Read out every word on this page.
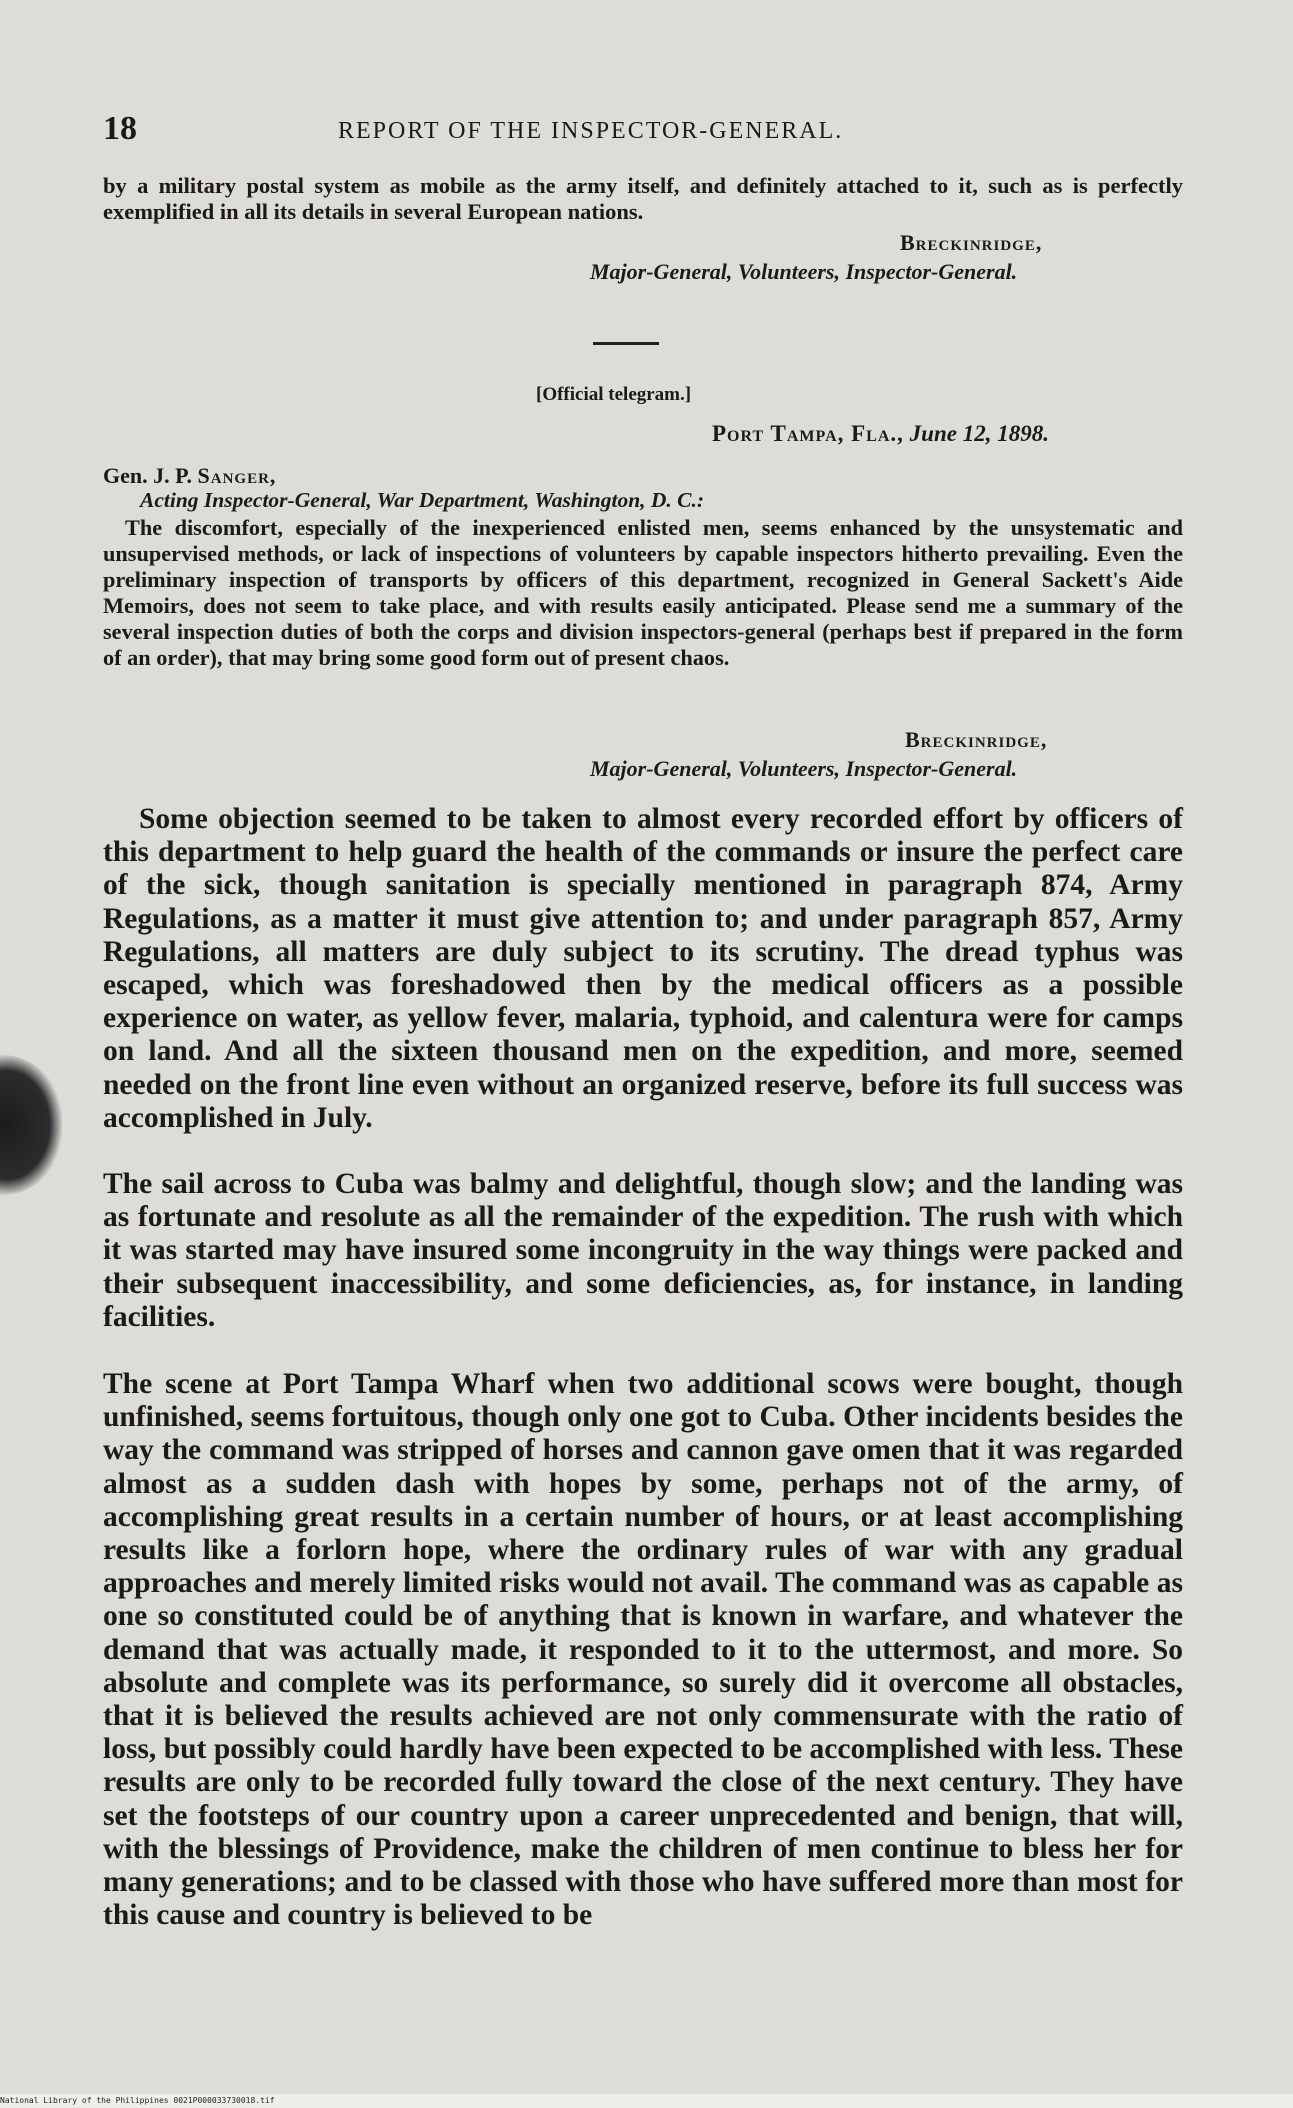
18	REPORT OF THE INSPECTOR-GENERAL.
by a military postal system as mobile as the army itself, and definitely attached to it, such as is perfectly exemplified in all its details in several European nations.
Breckinridge,
Major-General, Volunteers, Inspector-General.
[Official telegram.]
Port Tampa, Fla., June 12, 1898.
Gen. J. P. Sanger,
Acting Inspector-General, War Department, Washington, D. C.:
The discomfort, especially of the inexperienced enlisted men, seems enhanced by the unsystematic and unsupervised methods, or lack of inspections of volunteers by capable inspectors hitherto prevailing. Even the preliminary inspection of transports by officers of this department, recognized in General Sackett's Aide Memoirs, does not seem to take place, and with results easily anticipated. Please send me a summary of the several inspection duties of both the corps and division inspectors-general (perhaps best if prepared in the form of an order), that may bring some good form out of present chaos.
Breckinridge,
Major-General, Volunteers, Inspector-General.
Some objection seemed to be taken to almost every recorded effort by officers of this department to help guard the health of the commands or insure the perfect care of the sick, though sanitation is specially mentioned in paragraph 874, Army Regulations, as a matter it must give attention to; and under paragraph 857, Army Regulations, all matters are duly subject to its scrutiny. The dread typhus was escaped, which was foreshadowed then by the medical officers as a possible experience on water, as yellow fever, malaria, typhoid, and calentura were for camps on land. And all the sixteen thousand men on the expedition, and more, seemed needed on the front line even without an organized reserve, before its full success was accomplished in July.
The sail across to Cuba was balmy and delightful, though slow; and the landing was as fortunate and resolute as all the remainder of the expedition. The rush with which it was started may have insured some incongruity in the way things were packed and their subsequent inaccessibility, and some deficiencies, as, for instance, in landing facilities.
The scene at Port Tampa Wharf when two additional scows were bought, though unfinished, seems fortuitous, though only one got to Cuba. Other incidents besides the way the command was stripped of horses and cannon gave omen that it was regarded almost as a sudden dash with hopes by some, perhaps not of the army, of accomplishing great results in a certain number of hours, or at least accomplishing results like a forlorn hope, where the ordinary rules of war with any gradual approaches and merely limited risks would not avail. The command was as capable as one so constituted could be of anything that is known in warfare, and whatever the demand that was actually made, it responded to it to the uttermost, and more. So absolute and complete was its performance, so surely did it overcome all obstacles, that it is believed the results achieved are not only commensurate with the ratio of loss, but possibly could hardly have been expected to be accomplished with less. These results are only to be recorded fully toward the close of the next century. They have set the footsteps of our country upon a career unprecedented and benign, that will, with the blessings of Providence, make the children of men continue to bless her for many generations; and to be classed with those who have suffered more than most for this cause and country is believed to be
National Library of the Philippines 0021P000033730018.tif
